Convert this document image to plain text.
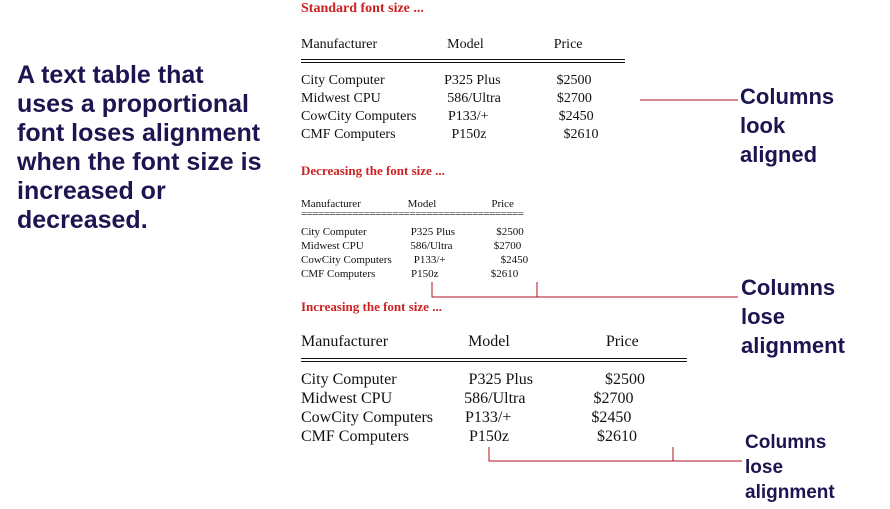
A text table that uses a proportional font loses alignment when the font size is increased or decreased.
Standard font size ...

Manufacturer                    Model                    Price

City Computer                 P325 Plus                $2500

Midwest CPU                   586/Ultra                $2700

CowCity Computers         P133/+                    $2450

CMF Computers                P150z                      $2610

Decreasing the font size ...

Manufacturer                 Model                    Price

=======================================

City Computer                P325 Plus               $2500

Midwest CPU                 586/Ultra               $2700

CowCity Computers        P133/+                    $2450

CMF Computers             P150z                   $2610

Increasing the font size ...

Manufacturer                    Model                        Price

City Computer                  P325 Plus                  $2500

Midwest CPU                  586/Ultra                 $2700

CowCity Computers        P133/+                    $2450

CMF Computers               P150z                      $2610

Columns
look
aligned
Columns
lose
alignment
Columns
lose
alignment
